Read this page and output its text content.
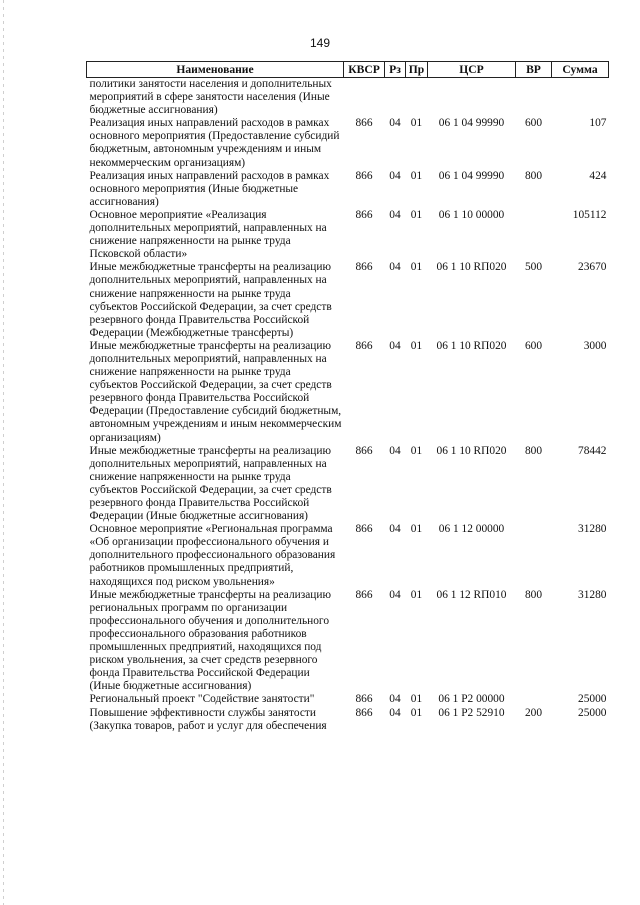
149
Наименование	КВСР	Рз	Пр	ЦСР	ВР	Сумма
политики занятости населения и дополнительных мероприятий в сфере занятости населения (Иные бюджетные ассигнования)						
Реализация иных направлений расходов в рамках основного мероприятия (Предоставление субсидий бюджетным, автономным учреждениям и иным некоммерческим организациям)	866	04	01	06 1 04 99990	600	107
Реализация иных направлений расходов в рамках основного мероприятия (Иные бюджетные ассигнования)	866	04	01	06 1 04 99990	800	424
Основное мероприятие «Реализация дополнительных мероприятий, направленных на снижение напряженности на рынке труда Псковской области»	866	04	01	06 1 10 00000		105112
Иные межбюджетные трансферты на реализацию дополнительных мероприятий, направленных на снижение напряженности на рынке труда субъектов Российской Федерации, за счет средств резервного фонда Правительства Российской Федерации (Межбюджетные трансферты)	866	04	01	06 1 10 RП020	500	23670
Иные межбюджетные трансферты на реализацию дополнительных мероприятий, направленных на снижение напряженности на рынке труда субъектов Российской Федерации, за счет средств резервного фонда Правительства Российской Федерации (Предоставление субсидий бюджетным, автономным учреждениям и иным некоммерческим организациям)	866	04	01	06 1 10 RП020	600	3000
Иные межбюджетные трансферты на реализацию дополнительных мероприятий, направленных на снижение напряженности на рынке труда субъектов Российской Федерации, за счет средств резервного фонда Правительства Российской Федерации (Иные бюджетные ассигнования)	866	04	01	06 1 10 RП020	800	78442
Основное мероприятие «Региональная программа «Об организации профессионального обучения и дополнительного профессионального образования работников промышленных предприятий, находящихся под риском увольнения»	866	04	01	06 1 12 00000		31280
Иные межбюджетные трансферты на реализацию региональных программ по организации профессионального обучения и дополнительного профессионального образования работников промышленных предприятий, находящихся под риском увольнения, за счет средств резервного фонда Правительства Российской Федерации (Иные бюджетные ассигнования)	866	04	01	06 1 12 RП010	800	31280
Региональный проект "Содействие занятости"	866	04	01	06 1 P2 00000		25000
Повышение эффективности службы занятости (Закупка товаров, работ и услуг для обеспечения	866	04	01	06 1 P2 52910	200	25000
